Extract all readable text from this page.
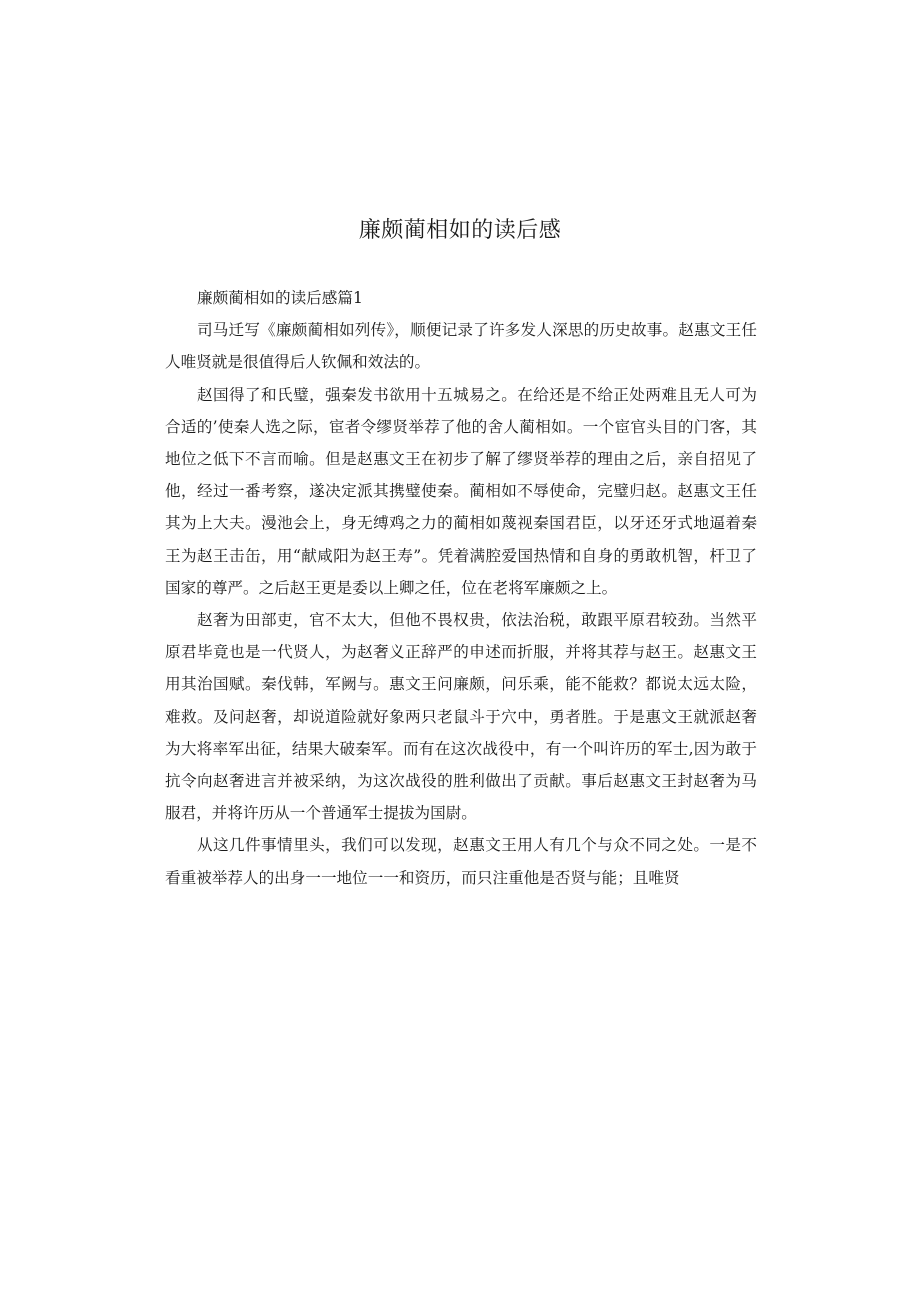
廉颇蔺相如的读后感

廉颇蔺相如的读后感篇1

司马迁写《廉颇蔺相如列传》，顺便记录了许多发人深思的历史故事。赵惠文王任人唯贤就是很值得后人钦佩和效法的。

赵国得了和氏璧，强秦发书欲用十五城易之。在给还是不给正处两难且无人可为合适的’使秦人选之际，宦者令缪贤举荐了他的舍人蔺相如。一个宦官头目的门客，其地位之低下不言而喻。但是赵惠文王在初步了解了缪贤举荐的理由之后，亲自招见了他，经过一番考察，遂决定派其携璧使秦。蔺相如不辱使命，完璧归赵。赵惠文王任其为上大夫。漫池会上，身无缚鸡之力的蔺相如蔑视秦国君臣，以牙还牙式地逼着秦王为赵王击缶，用“献咸阳为赵王寿”。凭着满腔爱国热情和自身的勇敢机智，杆卫了国家的尊严。之后赵王更是委以上卿之任，位在老将军廉颇之上。

赵奢为田部吏，官不太大，但他不畏权贵，依法治税，敢跟平原君较劲。当然平原君毕竟也是一代贤人，为赵奢义正辞严的申述而折服，并将其荐与赵王。赵惠文王用其治国赋。秦伐韩，军阙与。惠文王问廉颇，问乐乘，能不能救？都说太远太险，难救。及问赵奢，却说道险就好象两只老鼠斗于穴中，勇者胜。于是惠文王就派赵奢为大将率军出征，结果大破秦军。而有在这次战役中，有一个叫许历的军士,因为敢于抗令向赵奢进言并被采纳，为这次战役的胜利做出了贡献。事后赵惠文王封赵奢为马服君，并将许历从一个普通军士提拔为国尉。

从这几件事情里头，我们可以发现，赵惠文王用人有几个与众不同之处。一是不看重被举荐人的出身一一地位一一和资历，而只注重他是否贤与能；且唯贤
